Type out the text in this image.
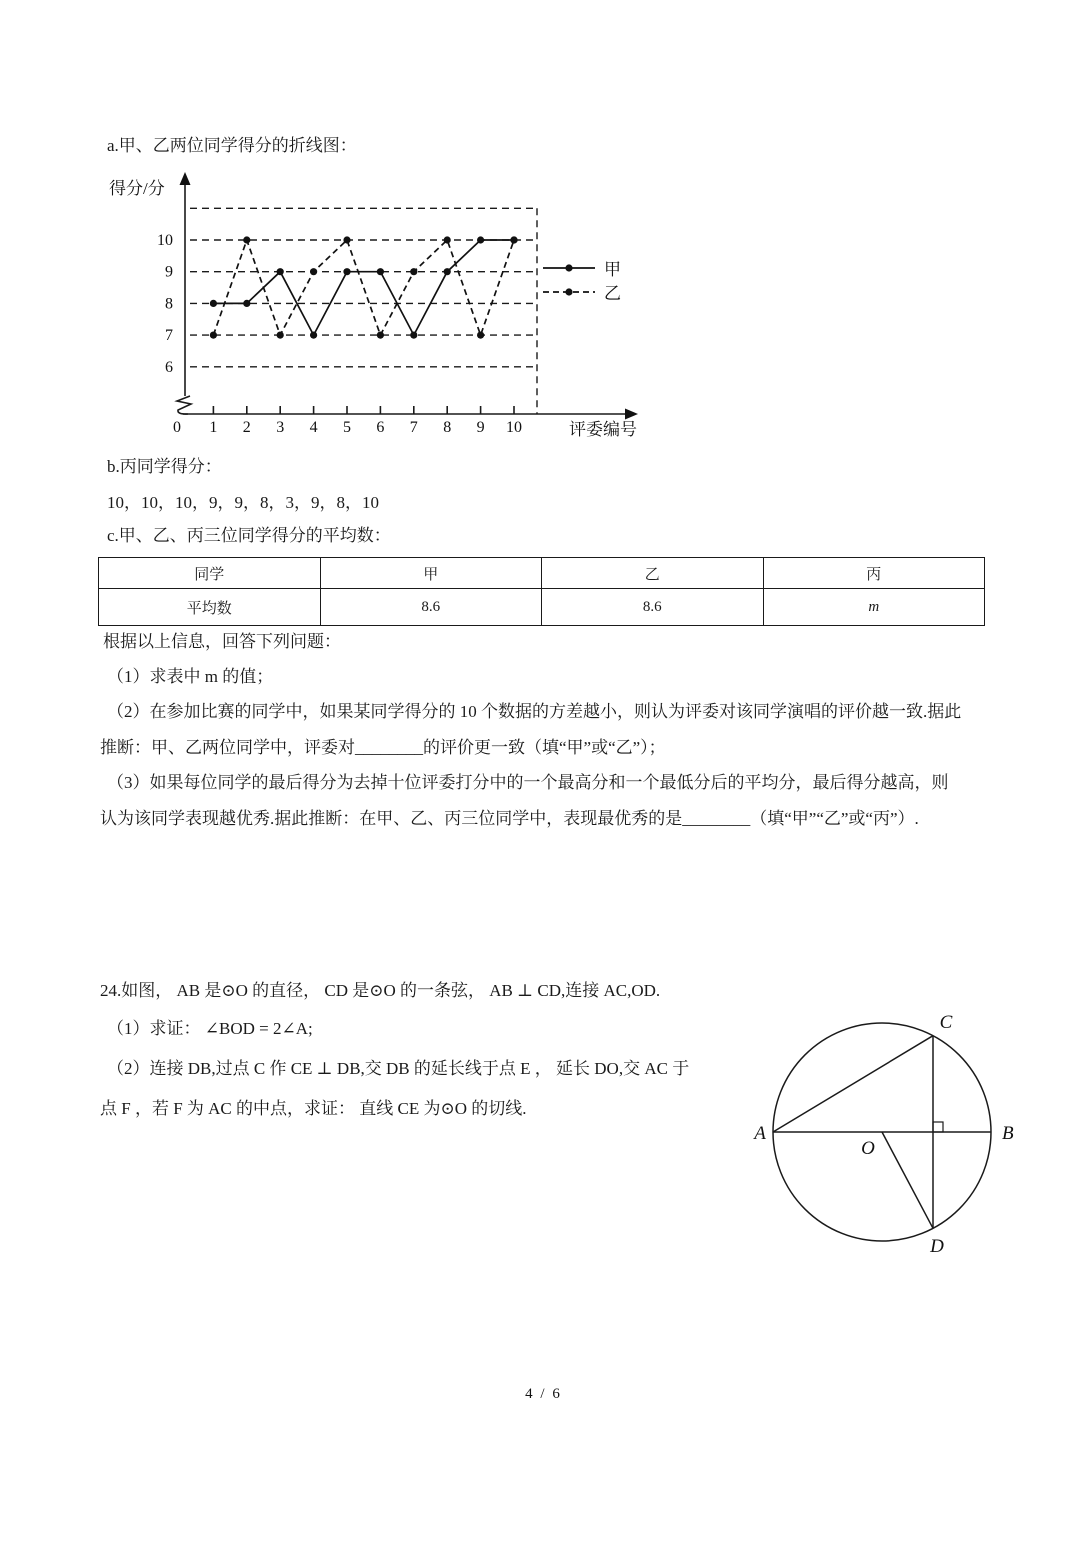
a.甲、乙两位同学得分的折线图：
0 1 2 3 4 5 6 7 8 9 10
10
9
8
7
6
得分/分
评委编号
甲
乙
b.丙同学得分：
10，10，10，9，9，8，3，9，8，10
c.甲、乙、丙三位同学得分的平均数：
同学	甲	乙	丙
平均数	8.6	8.6	m
根据以上信息，回答下列问题：
（1）求表中 m 的值；
（2）在参加比赛的同学中，如果某同学得分的 10 个数据的方差越小，则认为评委对该同学演唱的评价越一致.据此
推断：甲、乙两位同学中，评委对________的评价更一致（填“甲”或“乙”）；
（3）如果每位同学的最后得分为去掉十位评委打分中的一个最高分和一个最低分后的平均分，最后得分越高，则
认为该同学表现越优秀.据此推断：在甲、乙、丙三位同学中，表现最优秀的是________（填“甲”“乙”或“丙”）.
24.如图， AB 是⊙O 的直径， CD 是⊙O 的一条弦， AB ⊥ CD,连接 AC,OD.
（1）求证： ∠BOD = 2∠A;
（2）连接 DB,过点 C 作 CE ⊥ DB,交 DB 的延长线于点 E ， 延长 DO,交 AC 于
点 F ，若 F 为 AC 的中点，求证： 直线 CE 为⊙O 的切线.
A	B
C
D
O
4 / 6
